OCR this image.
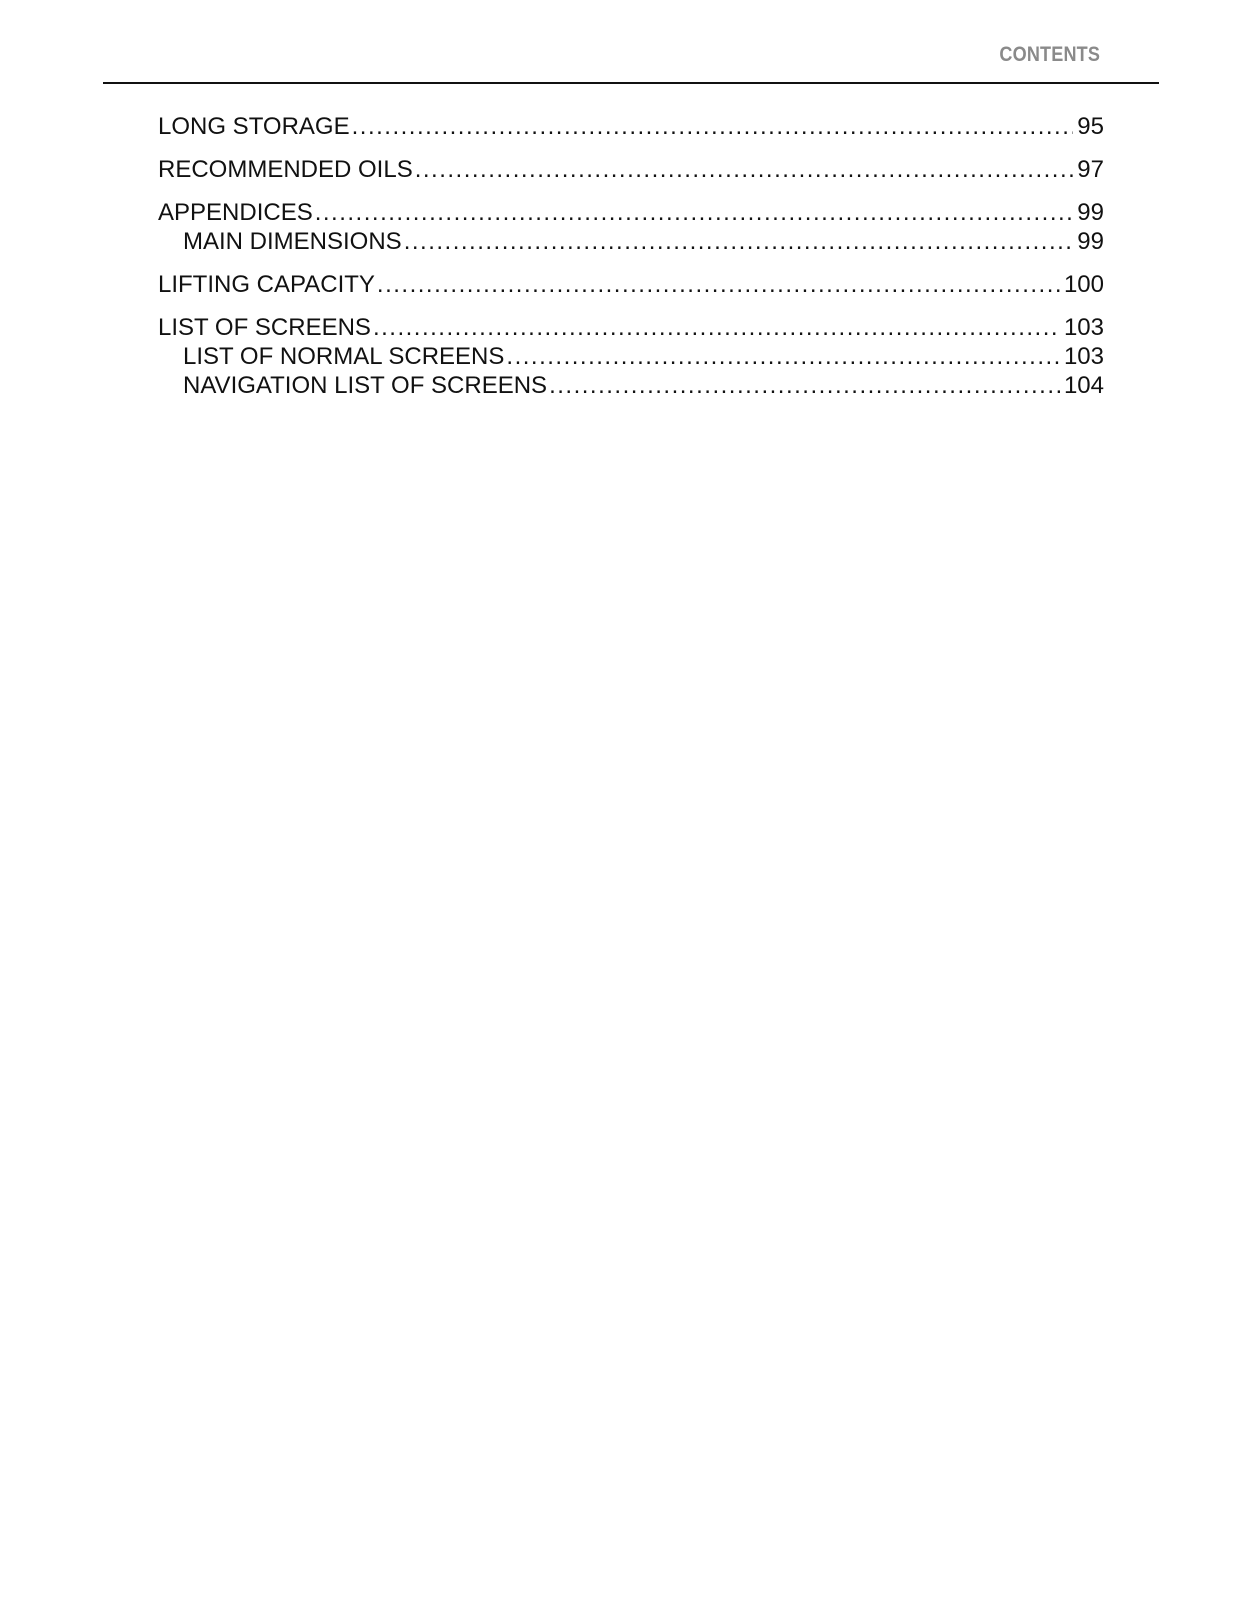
CONTENTS
LONG STORAGE .....	95
RECOMMENDED OILS .....	97
APPENDICES .....	99
MAIN DIMENSIONS .....	99
LIFTING CAPACITY .....	100
LIST OF SCREENS .....	103
LIST OF NORMAL SCREENS .....	103
NAVIGATION LIST OF SCREENS .....	104
